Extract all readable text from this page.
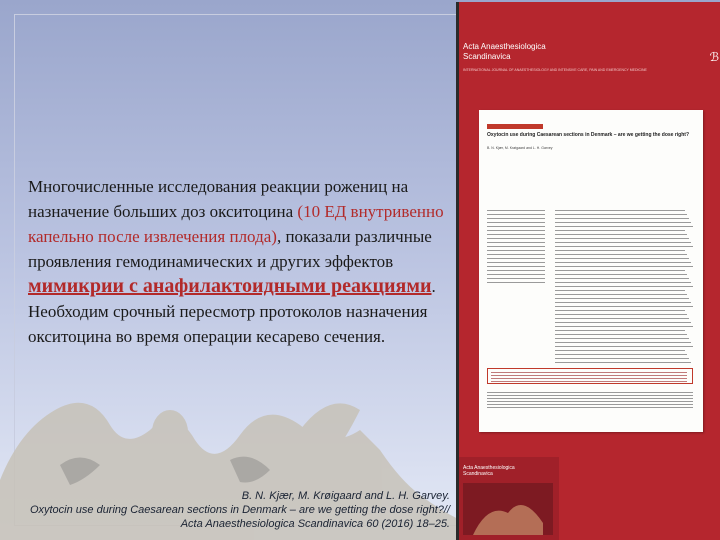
Многочисленные исследования реакции рожениц на назначение больших доз окситоцина (10 ЕД внутривенно капельно после извлечения плода), показали различные проявления гемодинамических и других эффектов мимикрии с анафилактоидными реакциями. Необходим срочный пересмотр протоколов назначения окситоцина во время операции кесарево сечения.
B. N. Kjær, M. Krøigaard and L. H. Garvey.
Oxytocin use during Caesarean sections in Denmark – are we getting the dose right?//
Acta Anaesthesiologica Scandinavica 60 (2016) 18–25.
Acta Anaesthesiologica
Scandinavica
INTERNATIONAL JOURNAL OF ANAESTHESIOLOGY AND INTENSIVE CARE, PAIN AND EMERGENCY MEDICINE
ℬ
Oxytocin use during Caesarean sections in Denmark – are we getting the dose right?
B. N. Kjær, M. Krøigaard and L. H. Garvey
Acta Anaesthesiologica
Scandinavica
